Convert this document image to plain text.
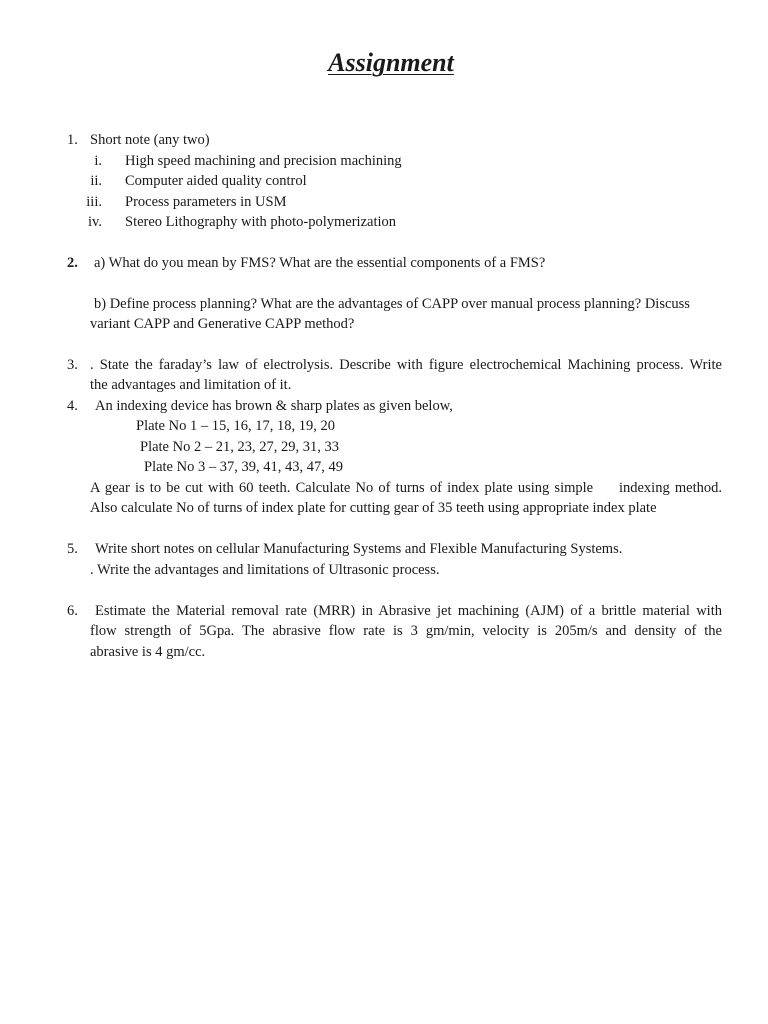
Assignment
1. Short note (any two)
i. High speed machining and precision machining
ii. Computer aided quality control
iii. Process parameters in USM
iv. Stereo Lithography with photo-polymerization
2. a) What do you mean by FMS? What are the essential components of a FMS?
b) Define process planning? What are the advantages of CAPP over manual process planning? Discuss
variant CAPP and Generative CAPP method?
3. . State the faraday’s law of electrolysis. Describe with figure electrochemical Machining process. Write
the advantages and limitation of it.
4. An indexing device has brown & sharp plates as given below,
Plate No 1 – 15, 16, 17, 18, 19, 20
Plate No 2 – 21, 23, 27, 29, 31, 33
Plate No 3 – 37, 39, 41, 43, 47, 49
A gear is to be cut with 60 teeth. Calculate No of turns of index plate using simple     indexing method.
Also calculate No of turns of index plate for cutting gear of 35 teeth using appropriate index plate
5. Write short notes on cellular Manufacturing Systems and Flexible Manufacturing Systems.
. Write the advantages and limitations of Ultrasonic process.
6. Estimate the Material removal rate (MRR) in Abrasive jet machining (AJM) of a brittle material with
flow strength of 5Gpa. The abrasive flow rate is 3 gm/min, velocity is 205m/s and density of the
abrasive is 4 gm/cc.
